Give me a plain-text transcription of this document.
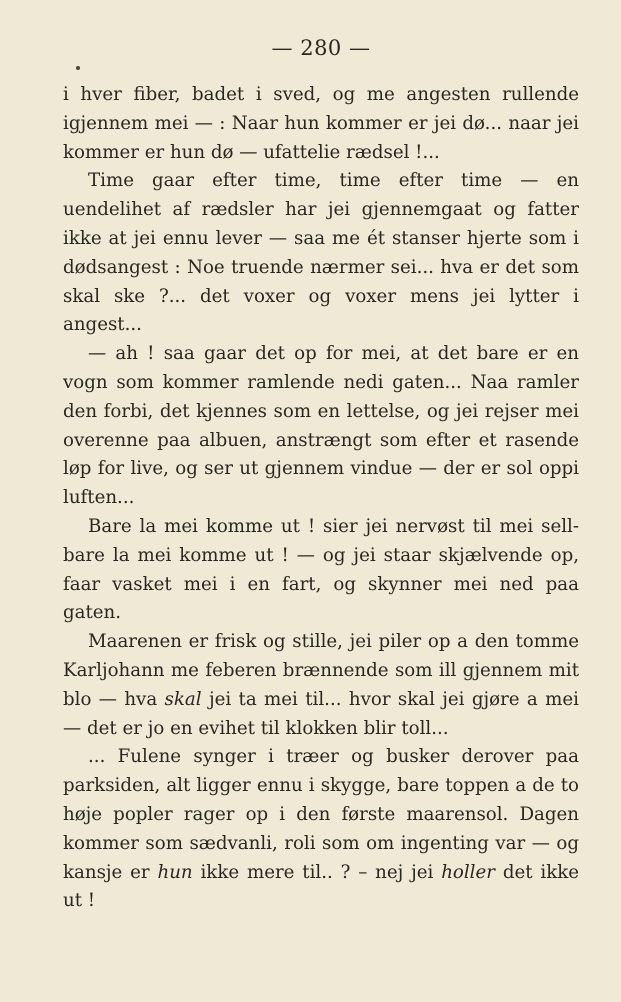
— 280 —

i hver fiber, badet i sved, og me angesten rullende igjennem mei — : Naar hun kommer er jei dø... naar jei kommer er hun dø — ufattelie rædsel !...

Time gaar efter time, time efter time — en uendelihet af rædsler har jei gjennemgaat og fatter ikke at jei ennu lever — saa me ét stanser hjerte som i dødsangest : Noe truende nærmer sei... hva er det som skal ske ?... det voxer og voxer mens jei lytter i angest...

— ah ! saa gaar det op for mei, at det bare er en vogn som kommer ramlende nedi gaten... Naa ramler den forbi, det kjennes som en lettelse, og jei rejser mei overenne paa albuen, anstrængt som efter et rasende løp for live, og ser ut gjennem vindue — der er sol oppi luften...

Bare la mei komme ut ! sier jei nervøst til mei sell-bare la mei komme ut ! — og jei staar skjælvende op, faar vasket mei i en fart, og skynner mei ned paa gaten.

Maarenen er frisk og stille, jei piler op a den tomme Karljohann me feberen brænnende som ill gjennem mit blo — hva skal jei ta mei til... hvor skal jei gjøre a mei — det er jo en evihet til klokken blir toll...

... Fulene synger i træer og busker derover paa parksiden, alt ligger ennu i skygge, bare toppen a de to høje popler rager op i den første maarensol. Dagen kommer som sædvanli, roli som om ingenting var — og kansje er hun ikke mere til.. ? – nej jei holler det ikke ut !
